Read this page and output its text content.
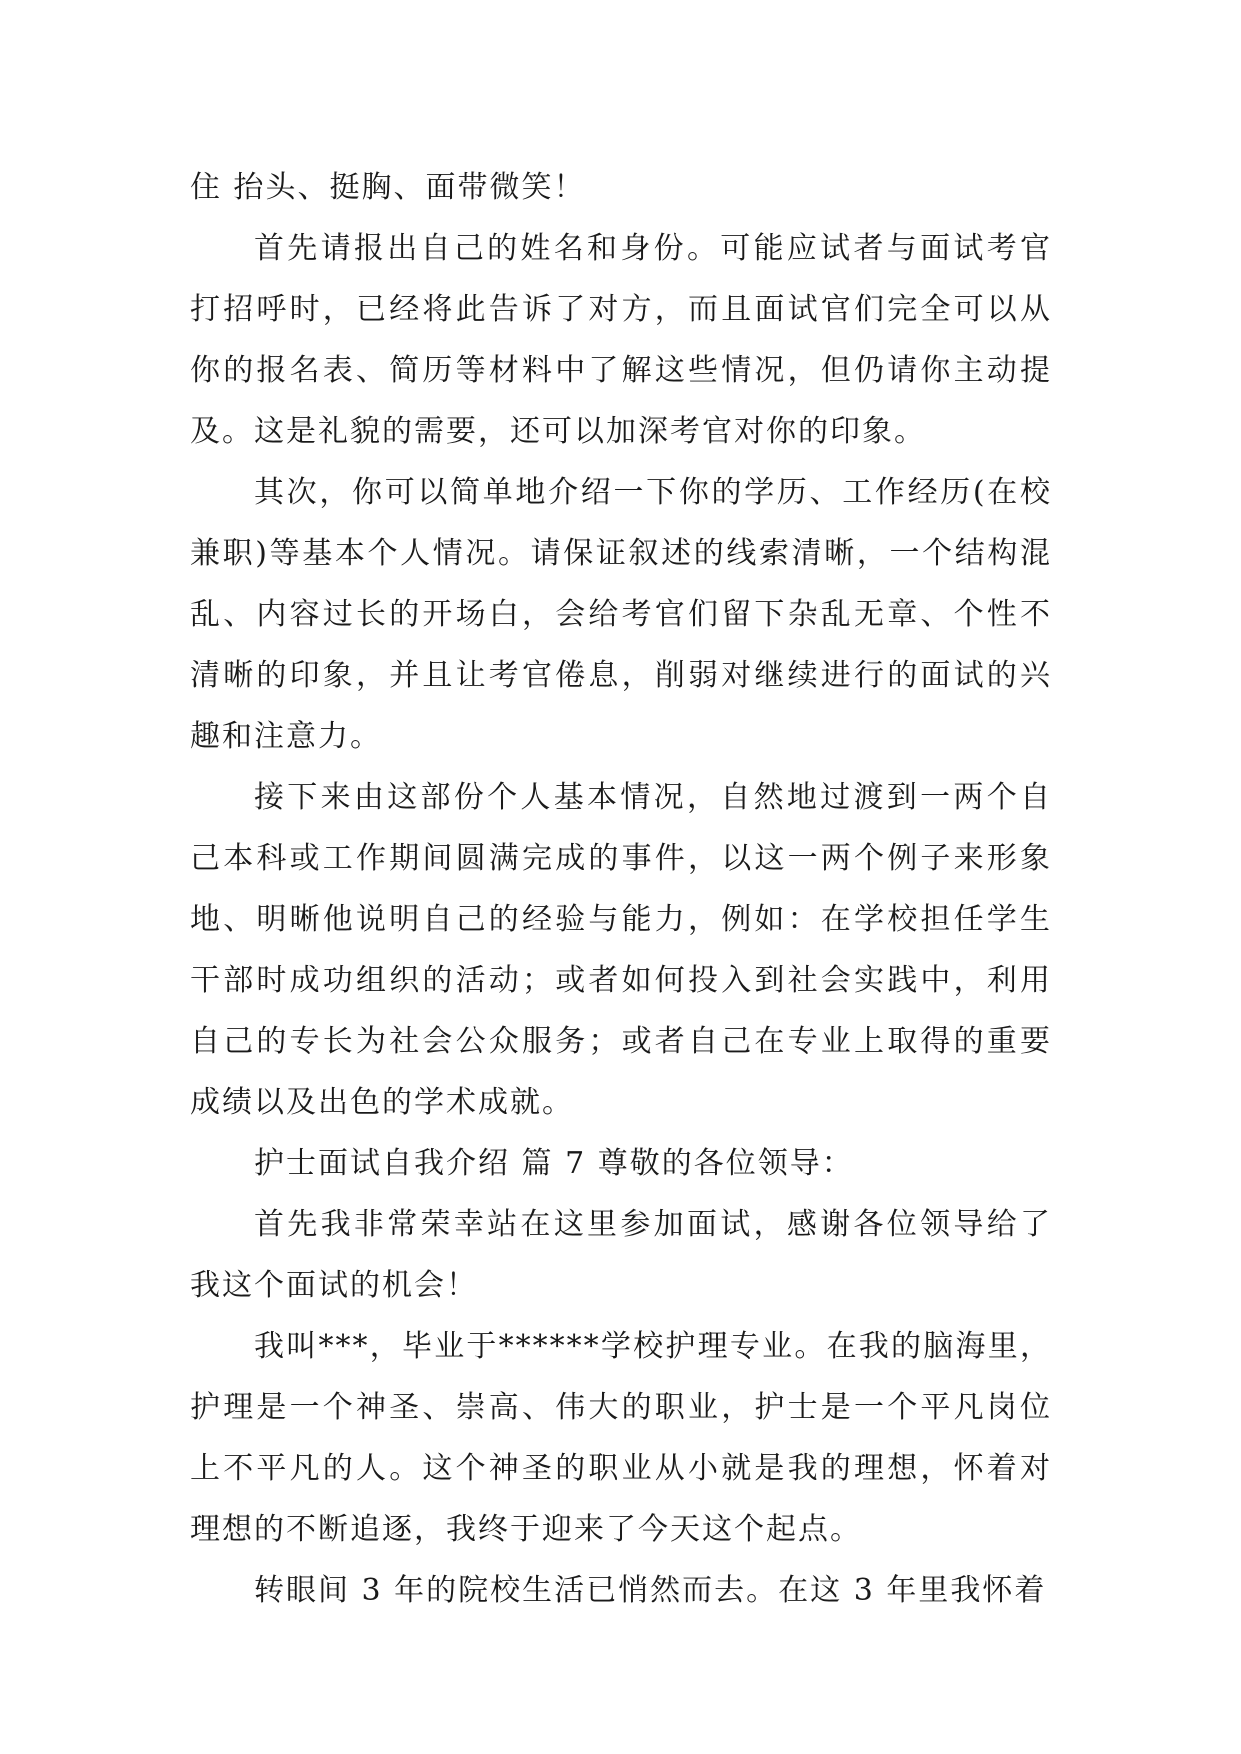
住 抬头、挺胸、面带微笑！

首先请报出自己的姓名和身份。可能应试者与面试考官打招呼时，已经将此告诉了对方，而且面试官们完全可以从你的报名表、简历等材料中了解这些情况，但仍请你主动提及。这是礼貌的需要，还可以加深考官对你的印象。

其次，你可以简单地介绍一下你的学历、工作经历(在校兼职)等基本个人情况。请保证叙述的线索清晰，一个结构混乱、内容过长的开场白，会给考官们留下杂乱无章、个性不清晰的印象，并且让考官倦息，削弱对继续进行的面试的兴趣和注意力。

接下来由这部份个人基本情况，自然地过渡到一两个自己本科或工作期间圆满完成的事件，以这一两个例子来形象地、明晰他说明自己的经验与能力，例如：在学校担任学生干部时成功组织的活动；或者如何投入到社会实践中，利用自己的专长为社会公众服务；或者自己在专业上取得的重要成绩以及出色的学术成就。

护士面试自我介绍 篇 7 尊敬的各位领导：

首先我非常荣幸站在这里参加面试，感谢各位领导给了我这个面试的机会！

我叫***，毕业于******学校护理专业。在我的脑海里，护理是一个神圣、崇高、伟大的职业，护士是一个平凡岗位上不平凡的人。这个神圣的职业从小就是我的理想，怀着对理想的不断追逐，我终于迎来了今天这个起点。

转眼间 3 年的院校生活已悄然而去。在这 3 年里我怀着
